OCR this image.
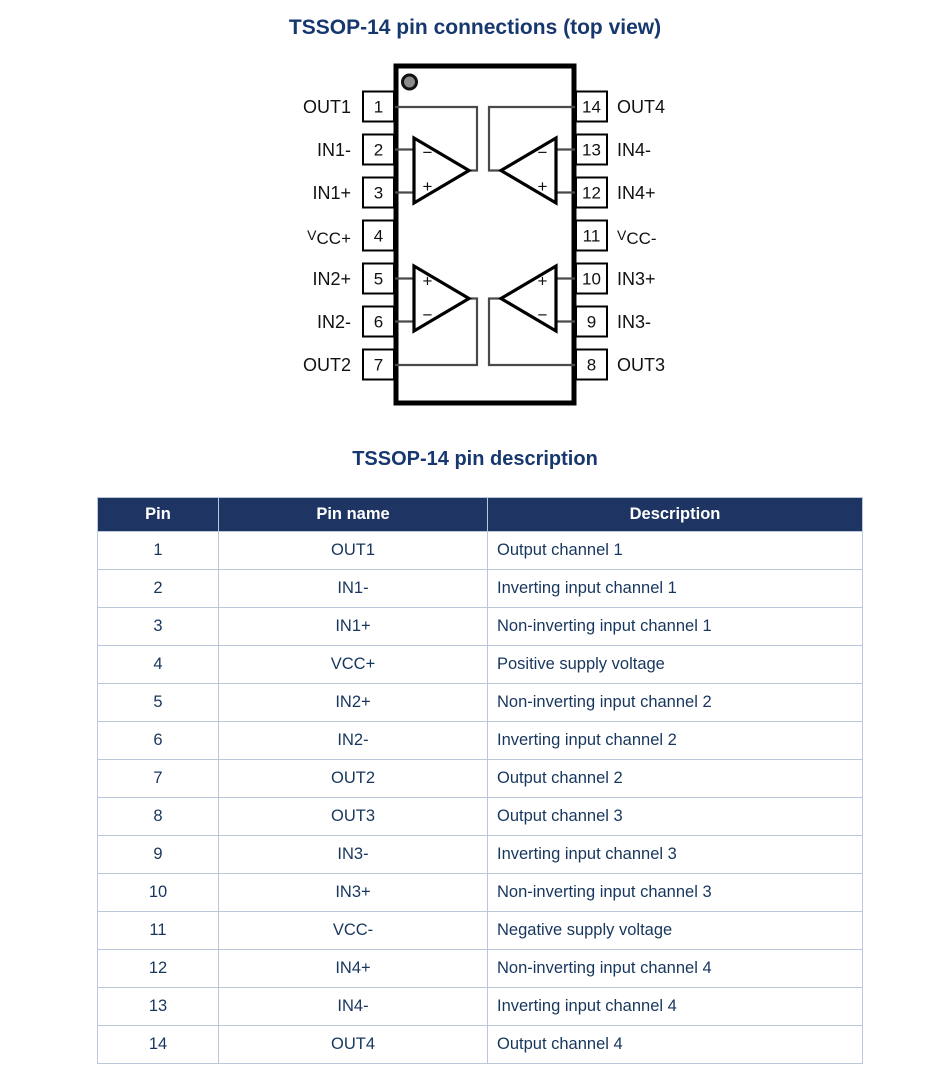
TSSOP-14 pin connections (top view)
−
+
−
+
+
−
+
−
1
2
3
4
5
6
7
14
13
12
11
10
9
8
OUT1
IN1-
IN1+
VCC+
IN2+
IN2-
OUT2
OUT4
IN4-
IN4+
VCC-
IN3+
IN3-
OUT3
TSSOP-14 pin description
Pin	Pin name	Description
1	OUT1	Output channel 1
2	IN1-	Inverting input channel 1
3	IN1+	Non-inverting input channel 1
4	VCC+	Positive supply voltage
5	IN2+	Non-inverting input channel 2
6	IN2-	Inverting input channel 2
7	OUT2	Output channel 2
8	OUT3	Output channel 3
9	IN3-	Inverting input channel 3
10	IN3+	Non-inverting input channel 3
11	VCC-	Negative supply voltage
12	IN4+	Non-inverting input channel 4
13	IN4-	Inverting input channel 4
14	OUT4	Output channel 4
